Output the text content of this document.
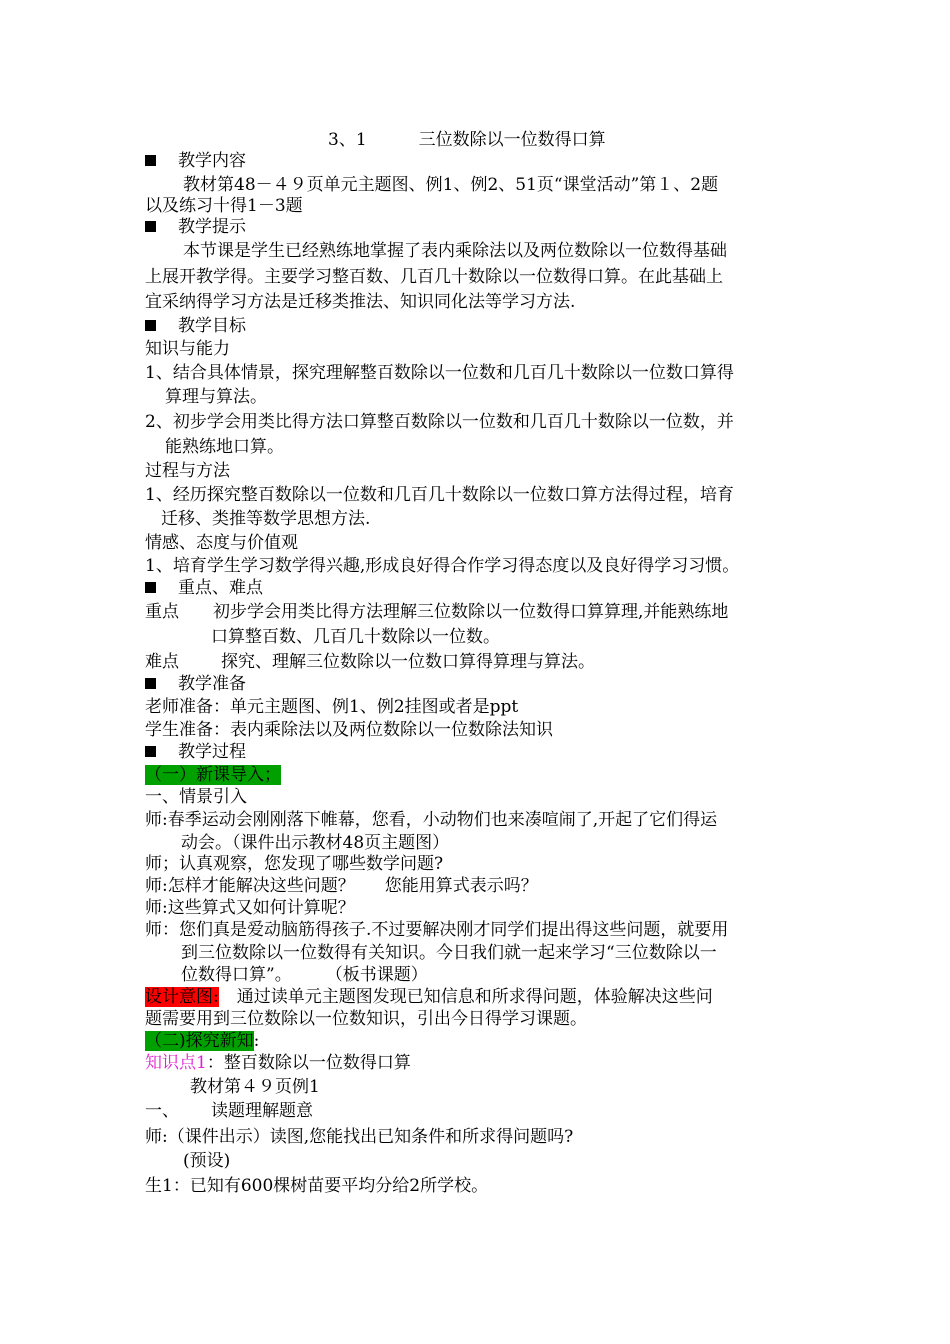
3、1	三位数除以一位数得口算
教学内容
教材第48－４９页单元主题图、例1、例2、51页“课堂活动”第１、2题
以及练习十得1－3题
教学提示
本节课是学生已经熟练地掌握了表内乘除法以及两位数除以一位数得基础
上展开教学得。主要学习整百数、几百几十数除以一位数得口算。在此基础上
宜采纳得学习方法是迁移类推法、知识同化法等学习方法.
教学目标
知识与能力
1、结合具体情景，探究理解整百数除以一位数和几百几十数除以一位数口算得
算理与算法。
2、初步学会用类比得方法口算整百数除以一位数和几百几十数除以一位数，并
能熟练地口算。
过程与方法
1、经历探究整百数除以一位数和几百几十数除以一位数口算方法得过程，培育
迁移、类推等数学思想方法.
情感、态度与价值观
1、培育学生学习数学得兴趣,形成良好得合作学习得态度以及良好得学习习惯。
重点、难点
重点 初步学会用类比得方法理解三位数除以一位数得口算算理,并能熟练地
口算整百数、几百几十数除以一位数。
难点 探究、理解三位数除以一位数口算得算理与算法。
教学准备
老师准备：单元主题图、例1、例2挂图或者是ppt
学生准备：表内乘除法以及两位数除以一位数除法知识
教学过程
（一）新课导入；
一、情景引入
师:春季运动会刚刚落下帷幕，您看，小动物们也来凑喧闹了,开起了它们得运
动会。（课件出示教材48页主题图）
师；认真观察，您发现了哪些数学问题?
师:怎样才能解决这些问题？ 您能用算式表示吗？
师:这些算式又如何计算呢？
师：您们真是爱动脑筋得孩子.不过要解决刚才同学们提出得这些问题，就要用
到三位数除以一位数得有关知识。今日我们就一起来学习“三位数除以一
位数得口算”。 （板书课题）
设计意图: 通过读单元主题图发现已知信息和所求得问题，体验解决这些问
题需要用到三位数除以一位数知识，引出今日得学习课题。
（二)探究新知:
知识点1：整百数除以一位数得口算
教材第４９页例1
一、 读题理解题意
师:（课件出示）读图,您能找出已知条件和所求得问题吗?
(预设)
生1：已知有600棵树苗要平均分给2所学校。
